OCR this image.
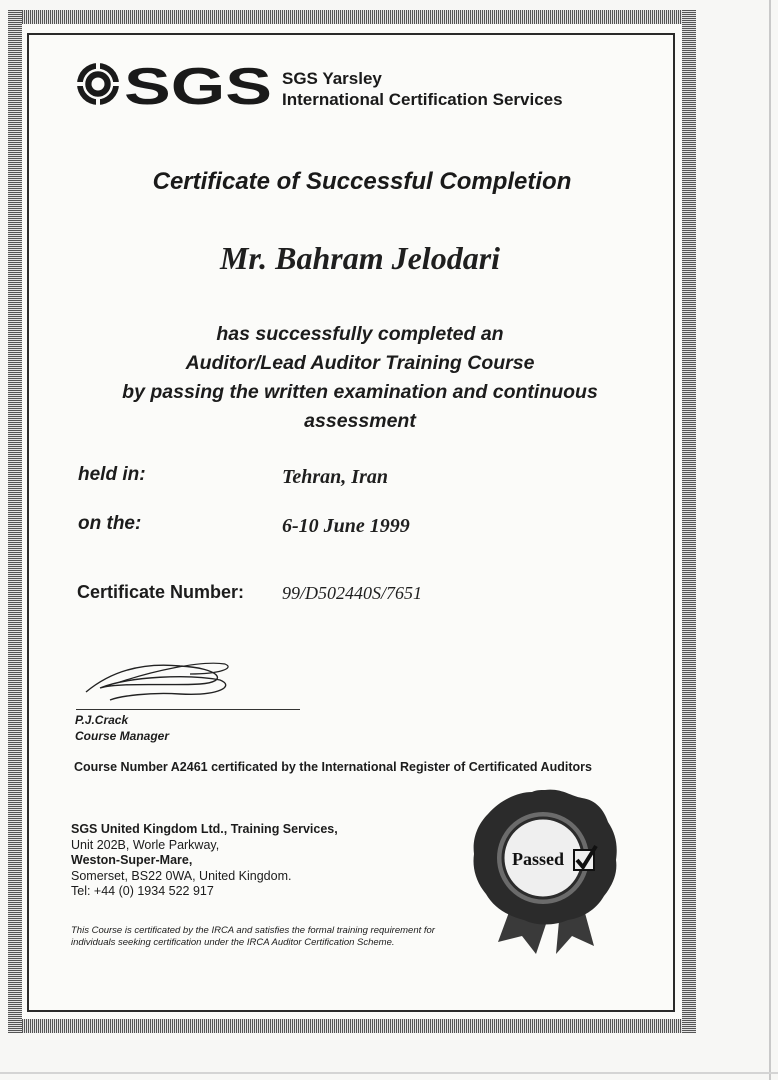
SGS SGS Yarsley
International Certification Services
Certificate of Successful Completion
Mr. Bahram Jelodari
has successfully completed an
Auditor/Lead Auditor Training Course
by passing the written examination and continuous
assessment
held in:	Tehran, Iran
on the:	6-10 June 1999
Certificate Number: 99/D502440S/7651
P.J.Crack
Course Manager
Course Number A2461 certificated by the International Register of Certificated Auditors
SGS United Kingdom Ltd., Training Services,
Unit 202B, Worle Parkway,
Weston-Super-Mare,
Somerset, BS22 0WA, United Kingdom.
Tel: +44 (0) 1934 522 917
This Course is certificated by the IRCA and satisfies the formal training requirement for individuals seeking certification under the IRCA Auditor Certification Scheme.
Passed
